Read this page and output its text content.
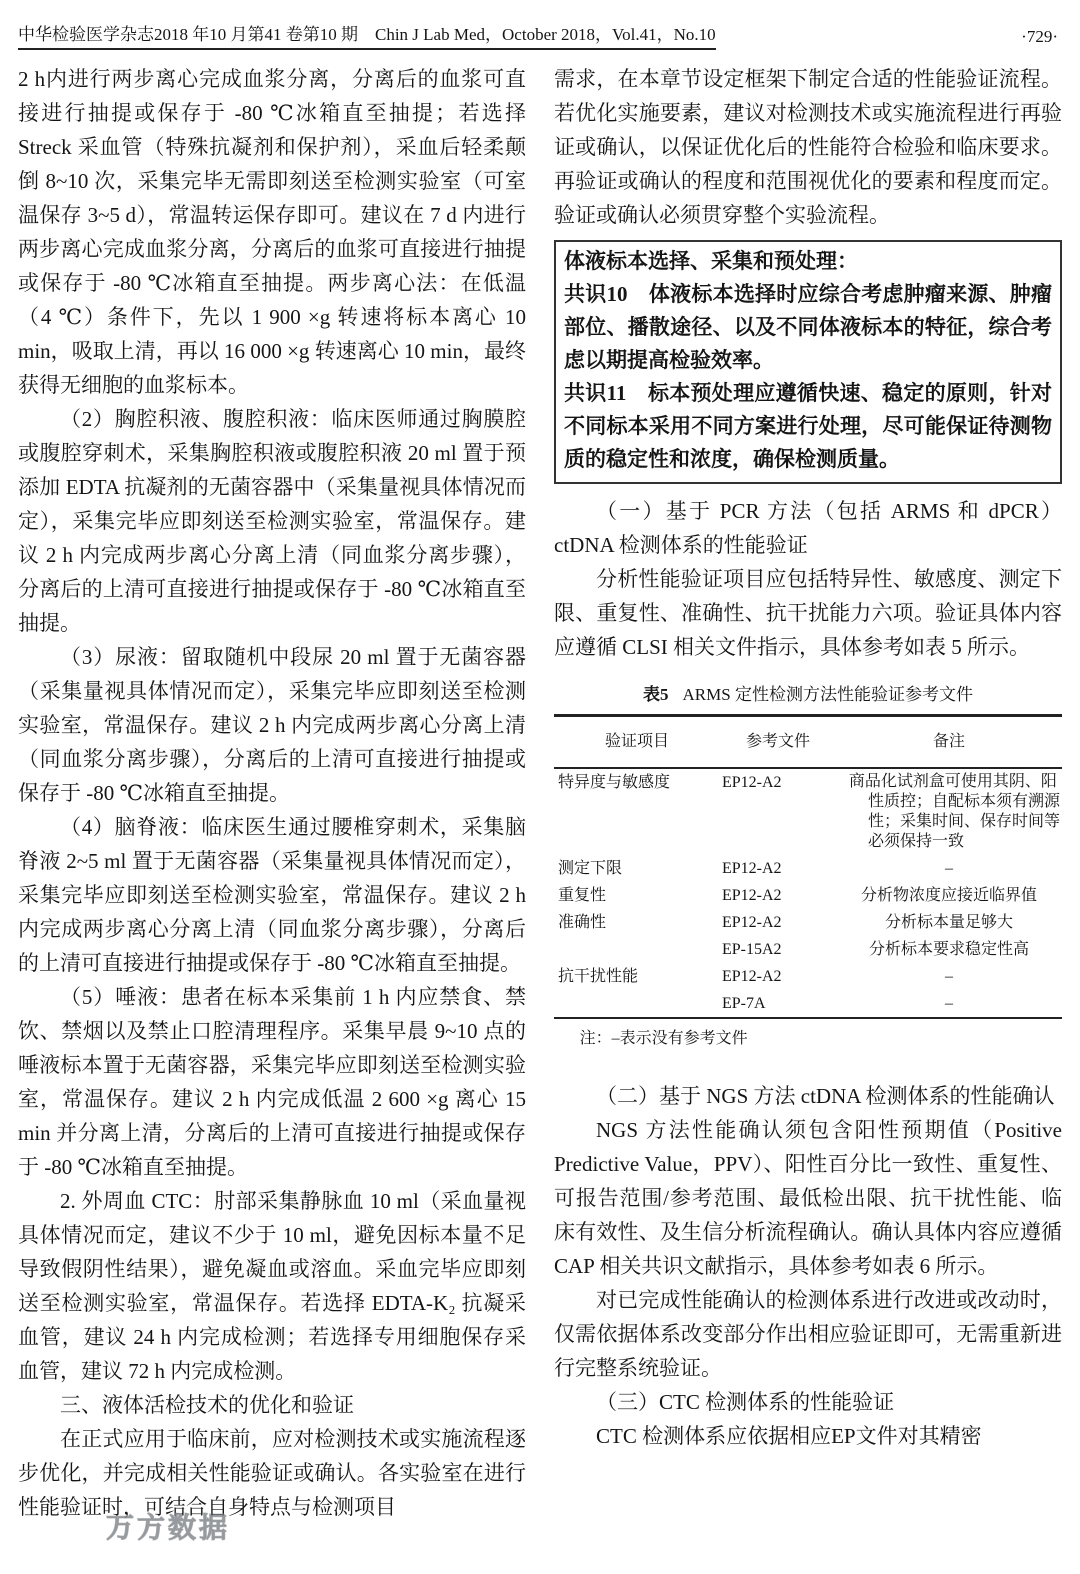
中华检验医学杂志2018 年10 月第41 卷第10 期　Chin J Lab Med，October 2018，Vol.41，No.10	·729·

2 h内进行两步离心完成血浆分离，分离后的血浆可直接进行抽提或保存于 -80 ℃冰箱直至抽提；若选择 Streck 采血管（特殊抗凝剂和保护剂），采血后轻柔颠倒 8~10 次，采集完毕无需即刻送至检测实验室（可室温保存 3~5 d），常温转运保存即可。建议在 7 d 内进行两步离心完成血浆分离，分离后的血浆可直接进行抽提或保存于 -80 ℃冰箱直至抽提。两步离心法：在低温（4 ℃）条件下，先以 1 900 ×g 转速将标本离心 10 min，吸取上清，再以 16 000 ×g 转速离心 10 min，最终获得无细胞的血浆标本。

（2）胸腔积液、腹腔积液：临床医师通过胸膜腔或腹腔穿刺术，采集胸腔积液或腹腔积液 20 ml 置于预添加 EDTA 抗凝剂的无菌容器中（采集量视具体情况而定），采集完毕应即刻送至检测实验室，常温保存。建议 2 h 内完成两步离心分离上清（同血浆分离步骤），分离后的上清可直接进行抽提或保存于 -80 ℃冰箱直至抽提。

（3）尿液：留取随机中段尿 20 ml 置于无菌容器（采集量视具体情况而定），采集完毕应即刻送至检测实验室，常温保存。建议 2 h 内完成两步离心分离上清（同血浆分离步骤），分离后的上清可直接进行抽提或保存于 -80 ℃冰箱直至抽提。

（4）脑脊液：临床医生通过腰椎穿刺术，采集脑脊液 2~5 ml 置于无菌容器（采集量视具体情况而定），采集完毕应即刻送至检测实验室，常温保存。建议 2 h 内完成两步离心分离上清（同血浆分离步骤），分离后的上清可直接进行抽提或保存于 -80 ℃冰箱直至抽提。

（5）唾液：患者在标本采集前 1 h 内应禁食、禁饮、禁烟以及禁止口腔清理程序。采集早晨 9~10 点的唾液标本置于无菌容器，采集完毕应即刻送至检测实验室，常温保存。建议 2 h 内完成低温 2 600 ×g 离心 15 min 并分离上清，分离后的上清可直接进行抽提或保存于 -80 ℃冰箱直至抽提。

2. 外周血 CTC：肘部采集静脉血 10 ml（采血量视具体情况而定，建议不少于 10 ml，避免因标本量不足导致假阴性结果），避免凝血或溶血。采血完毕应即刻送至检测实验室，常温保存。若选择 EDTA-K₂ 抗凝采血管，建议 24 h 内完成检测；若选择专用细胞保存采血管，建议 72 h 内完成检测。

三、液体活检技术的优化和验证

在正式应用于临床前，应对检测技术或实施流程逐步优化，并完成相关性能验证或确认。各实验室在进行性能验证时，可结合自身特点与检测项目

需求，在本章节设定框架下制定合适的性能验证流程。若优化实施要素，建议对检测技术或实施流程进行再验证或确认，以保证优化后的性能符合检验和临床要求。再验证或确认的程度和范围视优化的要素和程度而定。验证或确认必须贯穿整个实验流程。

体液标本选择、采集和预处理：

共识10　体液标本选择时应综合考虑肿瘤来源、肿瘤部位、播散途径、以及不同体液标本的特征，综合考虑以期提高检验效率。

共识11　标本预处理应遵循快速、稳定的原则，针对不同标本采用不同方案进行处理，尽可能保证待测物质的稳定性和浓度，确保检测质量。

（一）基于 PCR 方法（包括 ARMS 和 dPCR）ctDNA 检测体系的性能验证

分析性能验证项目应包括特异性、敏感度、测定下限、重复性、准确性、抗干扰能力六项。验证具体内容应遵循 CLSI 相关文件指示，具体参考如表 5 所示。

表5 ARMS 定性检测方法性能验证参考文件
验证项目	参考文件	备注
特异度与敏感度	EP12-A2	商品化试剂盒可使用其阴、阳性质控；自配标本须有溯源性；采集时间、保存时间等必须保持一致
测定下限	EP12-A2	–
重复性	EP12-A2	分析物浓度应接近临界值
准确性	EP12-A2	分析标本量足够大
	EP-15A2	分析标本要求稳定性高
抗干扰性能	EP12-A2	–
	EP-7A	–

注：–表示没有参考文件

（二）基于 NGS 方法 ctDNA 检测体系的性能确认

NGS 方法性能确认须包含阳性预期值（Positive Predictive Value，PPV）、阳性百分比一致性、重复性、可报告范围/参考范围、最低检出限、抗干扰性能、临床有效性、及生信分析流程确认。确认具体内容应遵循 CAP 相关共识文献指示，具体参考如表 6 所示。

对已完成性能确认的检测体系进行改进或改动时，仅需依据体系改变部分作出相应验证即可，无需重新进行完整系统验证。

（三）CTC 检测体系的性能验证

CTC 检测体系应依据相应EP文件对其精密

万方数据
